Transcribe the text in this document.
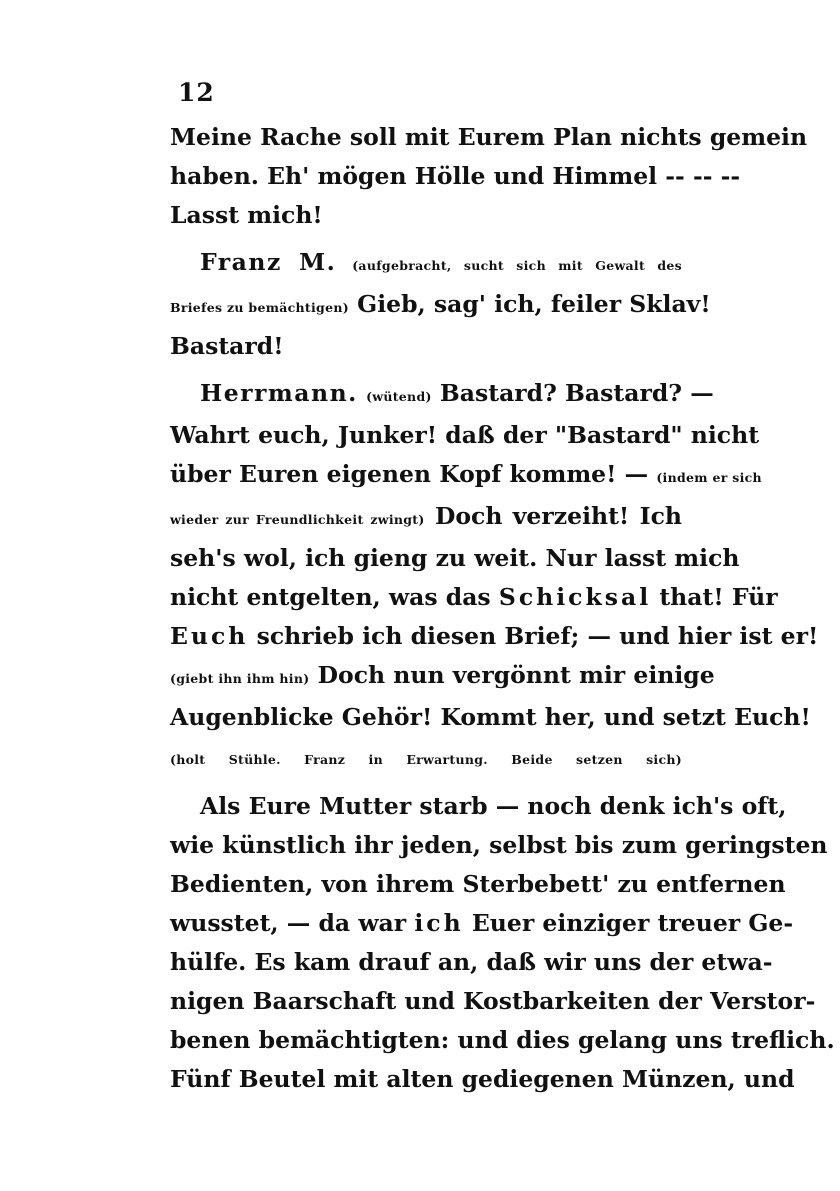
12
Meine Rache soll mit Eurem Plan nichts gemein
haben. Eh' mögen Hölle und Himmel -- -- --
Lasst mich!
Franz M. (aufgebracht, sucht sich mit Gewalt des
Briefes zu bemächtigen) Gieb, sag' ich, feiler Sklav!
Bastard!
Herrmann. (wütend) Bastard? Bastard? —
Wahrt euch, Junker! daß der "Bastard" nicht
über Euren eigenen Kopf komme! — (indem er sich
wieder zur Freundlichkeit zwingt) Doch verzeiht! Ich
seh's wol, ich gieng zu weit. Nur lasst mich
nicht entgelten, was das Schicksal that! Für
Euch schrieb ich diesen Brief; — und hier ist er!
(giebt ihn ihm hin) Doch nun vergönnt mir einige
Augenblicke Gehör! Kommt her, und setzt Euch!
(holt Stühle. Franz in Erwartung. Beide setzen sich)
Als Eure Mutter starb — noch denk ich's oft,
wie künstlich ihr jeden, selbst bis zum geringsten
Bedienten, von ihrem Sterbebett' zu entfernen
wusstet, — da war ich Euer einziger treuer Ge-
hülfe. Es kam drauf an, daß wir uns der etwa-
nigen Baarschaft und Kostbarkeiten der Verstor-
benen bemächtigten: und dies gelang uns treflich.
Fünf Beutel mit alten gediegenen Münzen, und
